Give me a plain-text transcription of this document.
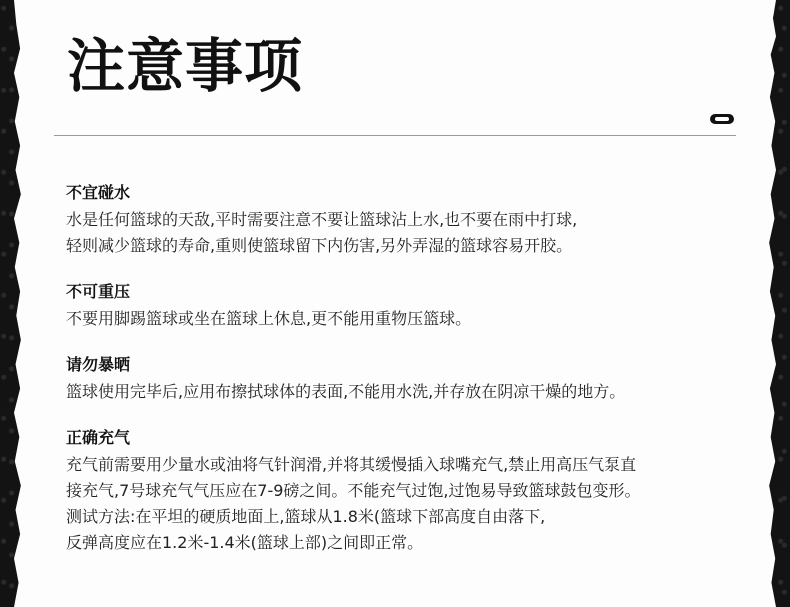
注意事项
不宜碰水

水是任何篮球的天敌,平时需要注意不要让篮球沾上水,也不要在雨中打球,

轻则减少篮球的寿命,重则使篮球留下内伤害,另外弄湿的篮球容易开胶。

不可重压

不要用脚踢篮球或坐在篮球上休息,更不能用重物压篮球。

请勿暴晒

篮球使用完毕后,应用布擦拭球体的表面,不能用水洗,并存放在阴凉干燥的地方。

正确充气

充气前需要用少量水或油将气针润滑,并将其缓慢插入球嘴充气,禁止用高压气泵直

接充气,7号球充气气压应在7-9磅之间。不能充气过饱,过饱易导致篮球鼓包变形。

测试方法:在平坦的硬质地面上,篮球从1.8米(篮球下部高度自由落下,

反弹高度应在1.2米-1.4米(篮球上部)之间即正常。
